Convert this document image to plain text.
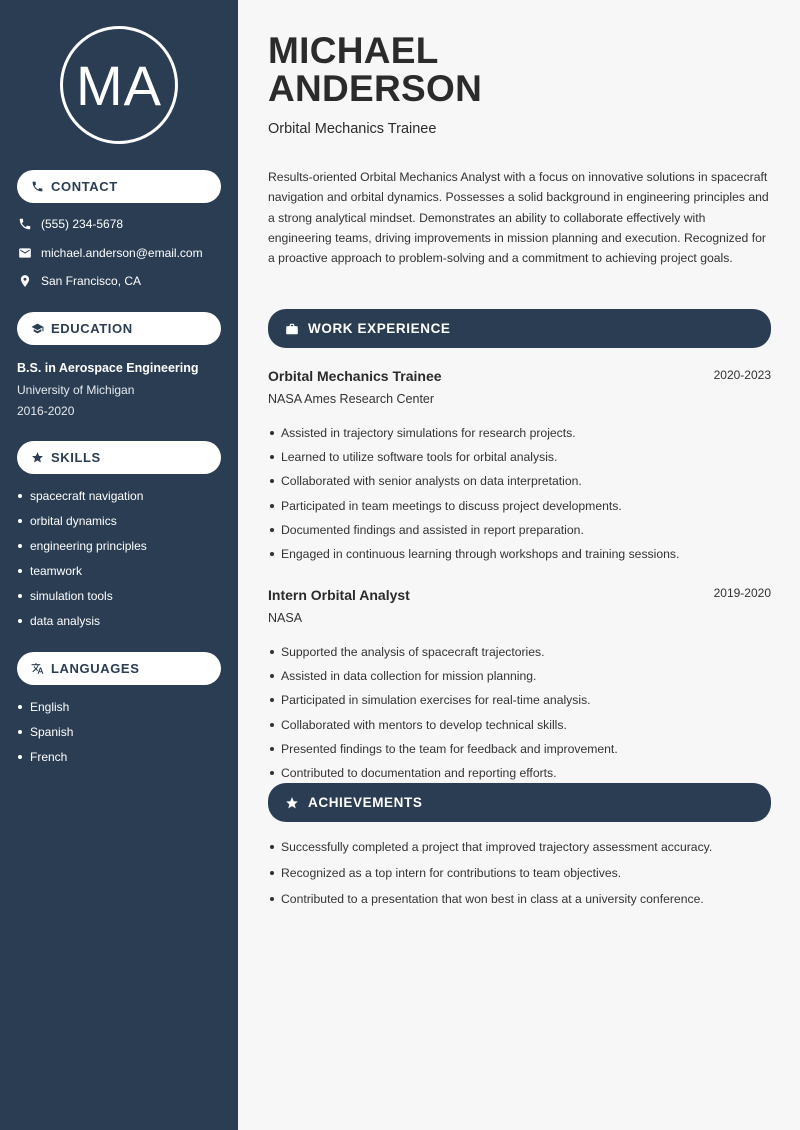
MA
CONTACT
(555) 234-5678
michael.anderson@email.com
San Francisco, CA
EDUCATION
B.S. in Aerospace Engineering
University of Michigan
2016-2020
SKILLS
spacecraft navigation
orbital dynamics
engineering principles
teamwork
simulation tools
data analysis
LANGUAGES
English
Spanish
French
MICHAEL
ANDERSON
Orbital Mechanics Trainee

Results-oriented Orbital Mechanics Analyst with a focus on innovative solutions in spacecraft navigation and orbital dynamics. Possesses a solid background in engineering principles and a strong analytical mindset. Demonstrates an ability to collaborate effectively with engineering teams, driving improvements in mission planning and execution. Recognized for a proactive approach to problem-solving and a commitment to achieving project goals.

WORK EXPERIENCE
Orbital Mechanics Trainee	2020-2023
NASA Ames Research Center
Assisted in trajectory simulations for research projects.
Learned to utilize software tools for orbital analysis.
Collaborated with senior analysts on data interpretation.
Participated in team meetings to discuss project developments.
Documented findings and assisted in report preparation.
Engaged in continuous learning through workshops and training sessions.
Intern Orbital Analyst	2019-2020
NASA
Supported the analysis of spacecraft trajectories.
Assisted in data collection for mission planning.
Participated in simulation exercises for real-time analysis.
Collaborated with mentors to develop technical skills.
Presented findings to the team for feedback and improvement.
Contributed to documentation and reporting efforts.
ACHIEVEMENTS
Successfully completed a project that improved trajectory assessment accuracy.
Recognized as a top intern for contributions to team objectives.
Contributed to a presentation that won best in class at a university conference.
